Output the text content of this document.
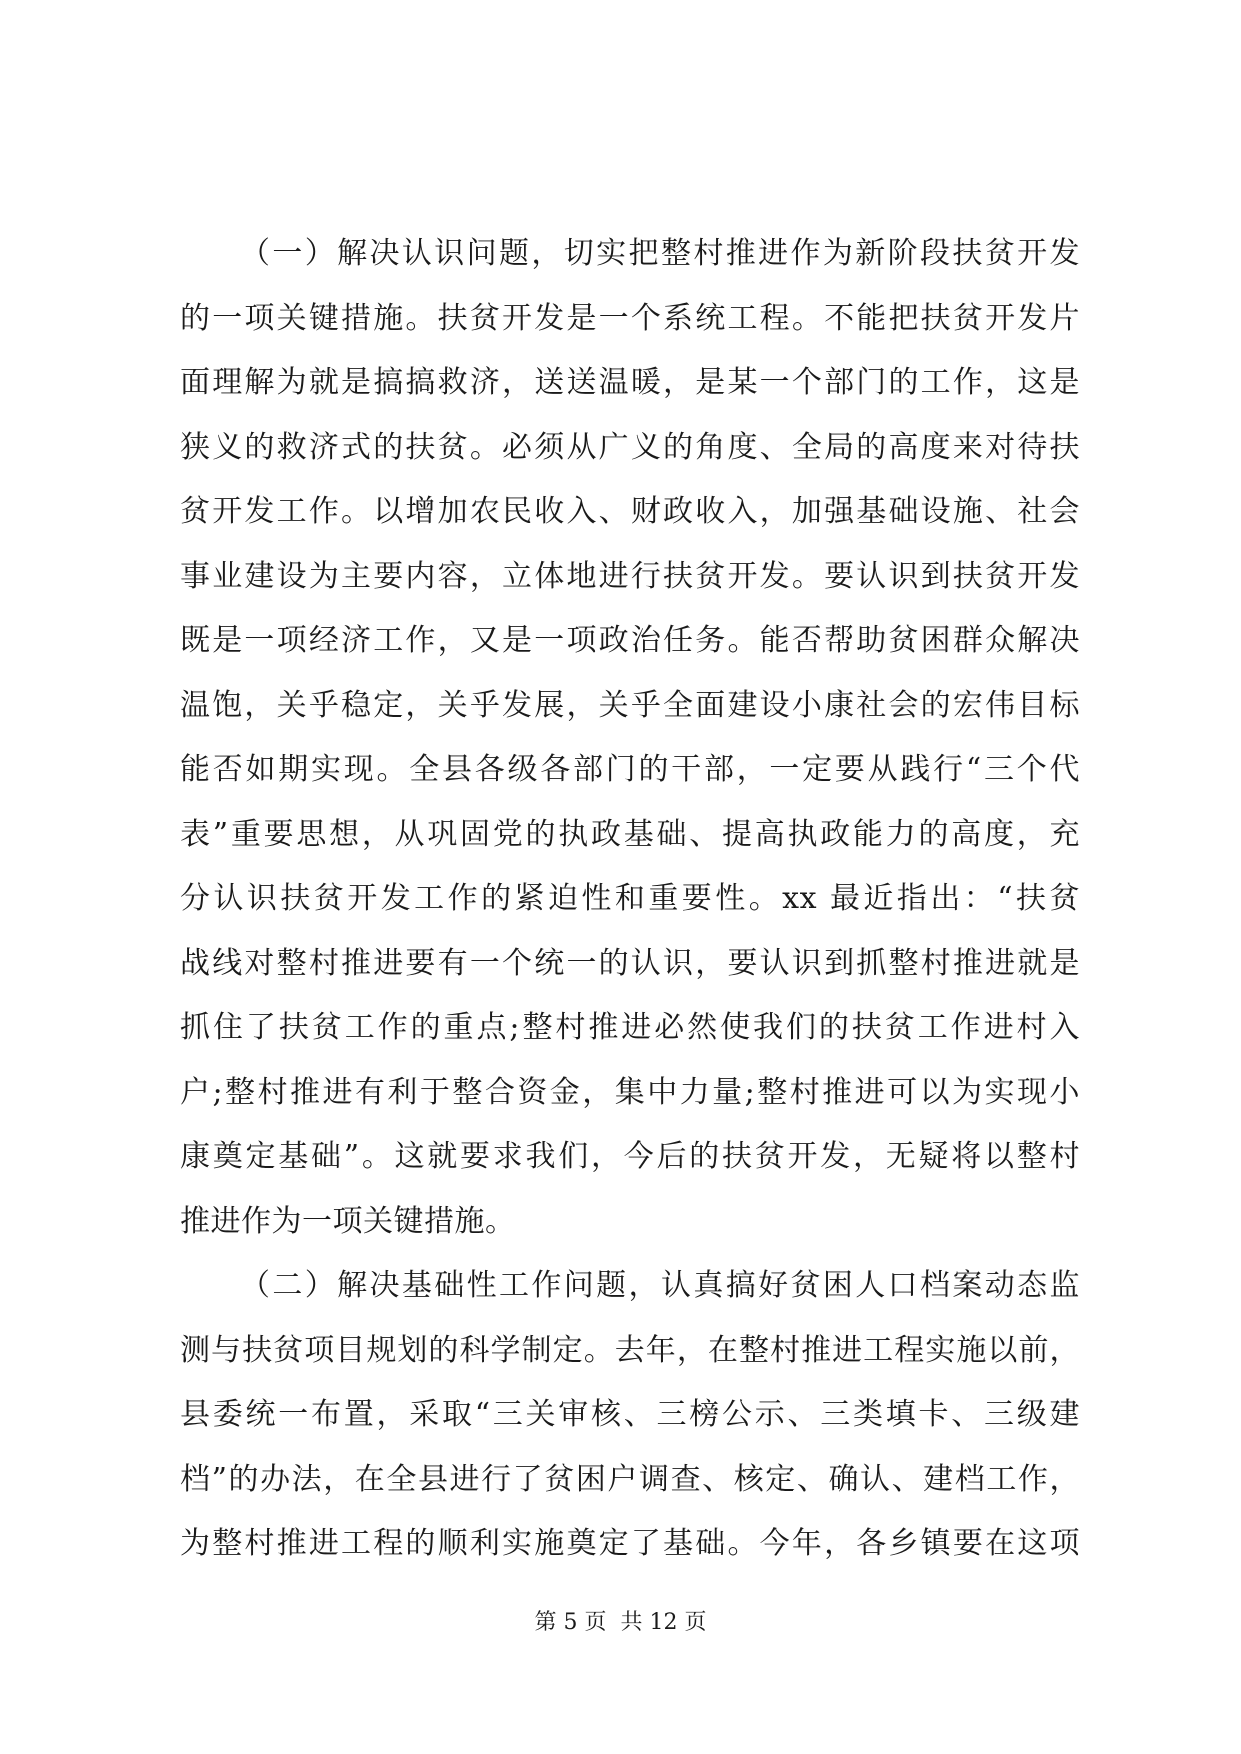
（一）解决认识问题，切实把整村推进作为新阶段扶贫开发
的一项关键措施。扶贫开发是一个系统工程。不能把扶贫开发片
面理解为就是搞搞救济，送送温暖，是某一个部门的工作，这是
狭义的救济式的扶贫。必须从广义的角度、全局的高度来对待扶
贫开发工作。以增加农民收入、财政收入，加强基础设施、社会
事业建设为主要内容，立体地进行扶贫开发。要认识到扶贫开发
既是一项经济工作，又是一项政治任务。能否帮助贫困群众解决
温饱，关乎稳定，关乎发展，关乎全面建设小康社会的宏伟目标
能否如期实现。全县各级各部门的干部，一定要从践行“三个代
表”重要思想，从巩固党的执政基础、提高执政能力的高度，充
分认识扶贫开发工作的紧迫性和重要性。xx 最近指出：“扶贫
战线对整村推进要有一个统一的认识，要认识到抓整村推进就是
抓住了扶贫工作的重点;整村推进必然使我们的扶贫工作进村入
户;整村推进有利于整合资金，集中力量;整村推进可以为实现小
康奠定基础”。这就要求我们，今后的扶贫开发，无疑将以整村
推进作为一项关键措施。
（二）解决基础性工作问题，认真搞好贫困人口档案动态监
测与扶贫项目规划的科学制定。去年，在整村推进工程实施以前，
县委统一布置，采取“三关审核、三榜公示、三类填卡、三级建
档”的办法，在全县进行了贫困户调查、核定、确认、建档工作，
为整村推进工程的顺利实施奠定了基础。今年，各乡镇要在这项
第 5 页  共 12 页
